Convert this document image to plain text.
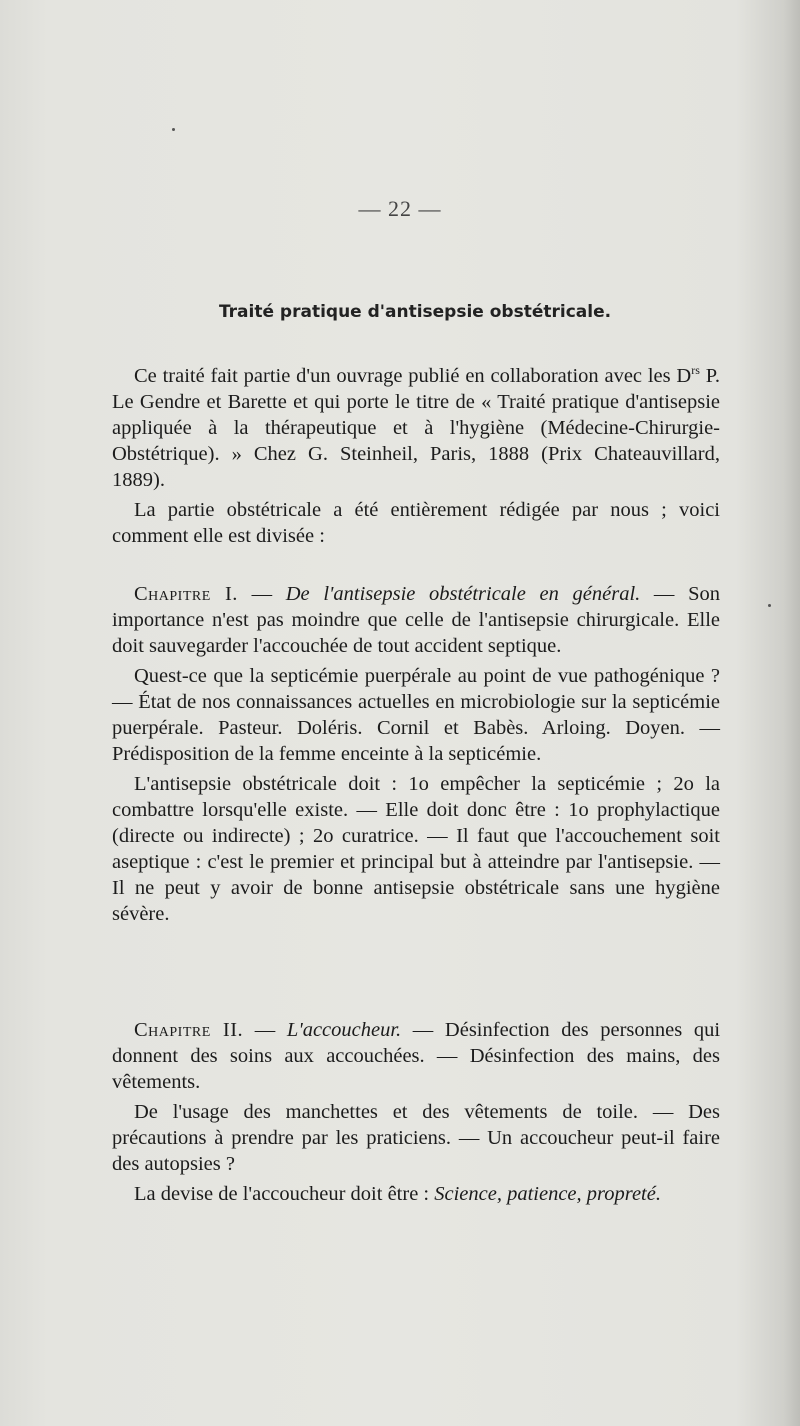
— 22 —
Traité pratique d'antisepsie obstétricale.

Ce traité fait partie d'un ouvrage publié en collaboration avec les $D^{rs}$ P. Le Gendre et Barette et qui porte le titre de « Traité pratique d'antisepsie appliquée à la thérapeutique et à l'hygiène (Médecine-Chirurgie-Obstétrique). » Chez G. Steinheil, Paris, 1888 (Prix Chateauvillard, 1889).

La partie obstétricale a été entièrement rédigée par nous ; voici comment elle est divisée :

Chapitre I. — De l'antisepsie obstétricale en général. — Son importance n'est pas moindre que celle de l'antisepsie chirurgicale. Elle doit sauvegarder l'accouchée de tout accident septique.

Quest-ce que la septicémie puerpérale au point de vue pathogénique ? — État de nos connaissances actuelles en microbiologie sur la septicémie puerpérale. Pasteur. Doléris. Cornil et Babès. Arloing. Doyen. — Prédisposition de la femme enceinte à la septicémie.

L'antisepsie obstétricale doit : 1o empêcher la septicémie ; 2o la combattre lorsqu'elle existe. — Elle doit donc être : 1o prophylactique (directe ou indirecte) ; 2o curatrice. — Il faut que l'accouchement soit aseptique : c'est le premier et principal but à atteindre par l'antisepsie. — Il ne peut y avoir de bonne antisepsie obstétricale sans une hygiène sévère.

Chapitre II. — L'accoucheur. — Désinfection des personnes qui donnent des soins aux accouchées. — Désinfection des mains, des vêtements.

De l'usage des manchettes et des vêtements de toile. — Des précautions à prendre par les praticiens. — Un accoucheur peut-il faire des autopsies ?

La devise de l'accoucheur doit être : Science, patience, propreté.
